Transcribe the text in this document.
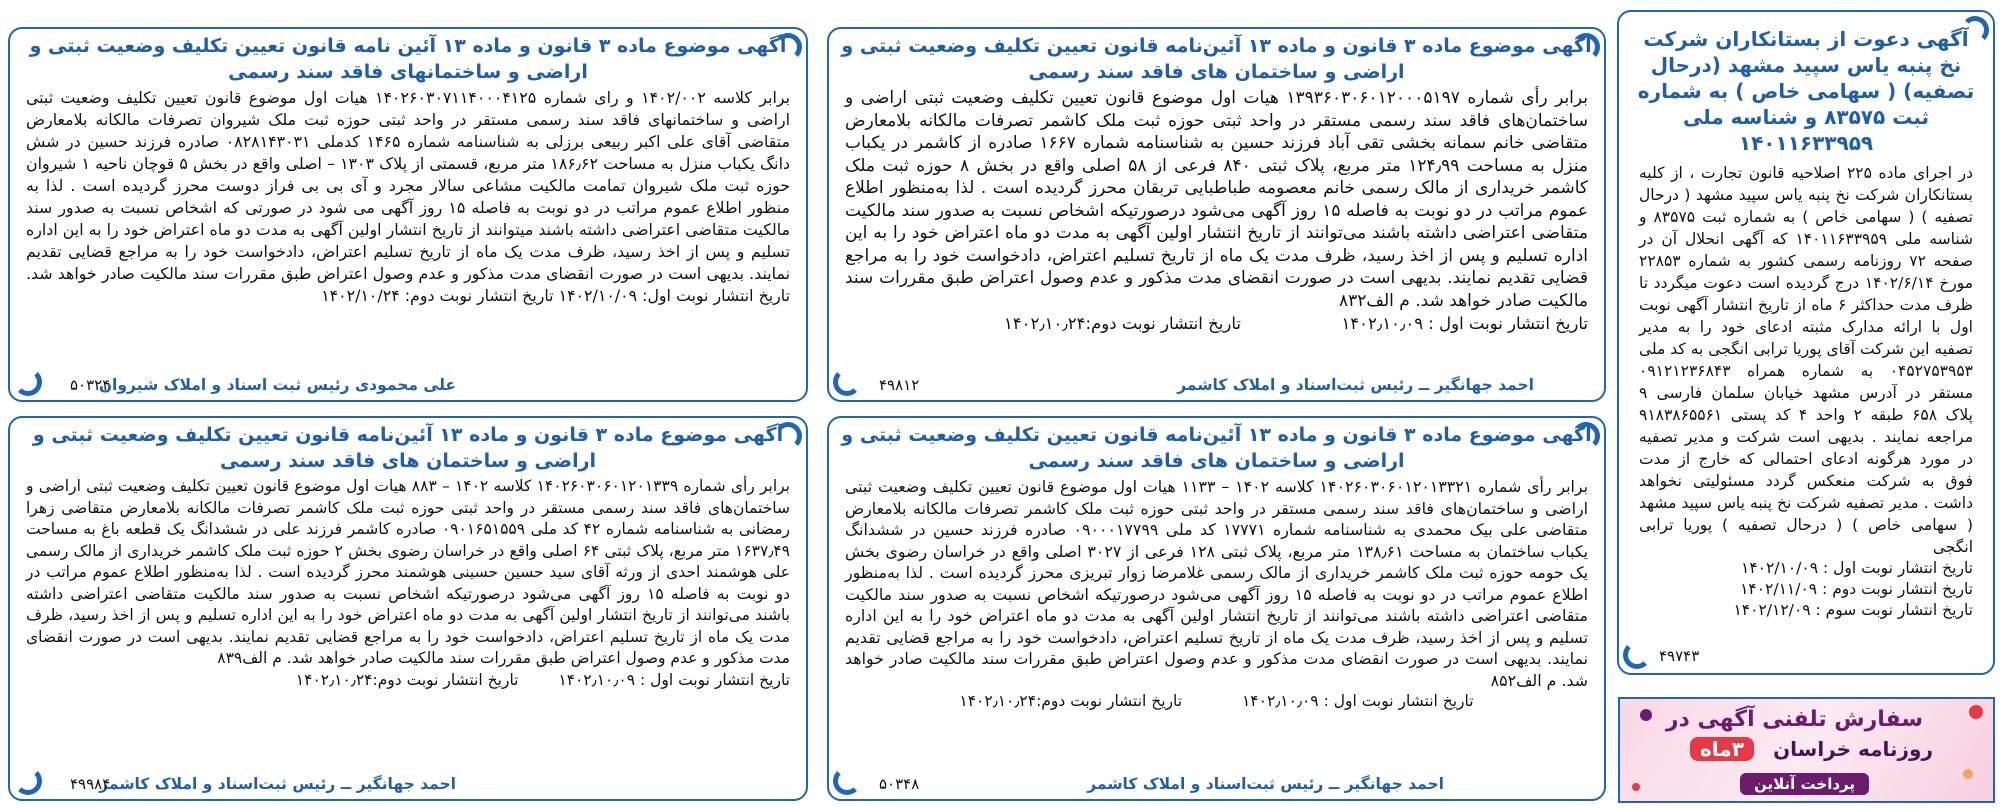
آگهی دعوت از بستانکاران شرکت نخ پنبه یاس سپید مشهد (درحال تصفیه) ( سهامی خاص ) به شماره ثبت ۸۳۵۷۵ و شناسه ملی ۱۴۰۱۱۶۳۳۹۵۹
در اجرای ماده ۲۲۵ اصلاحیه قانون تجارت ، از کلیه بستانکاران شرکت نخ پنبه یاس سپید مشهد ( درحال تصفیه ) ( سهامی خاص ) به شماره ثبت ۸۳۵۷۵ و شناسه ملی ۱۴۰۱۱۶۳۳۹۵۹ که آگهی انحلال آن در صفحه ۷۲ روزنامه رسمی کشور به شماره ۲۲۸۵۳ مورخ ۱۴۰۲/۶/۱۴ درج گردیده است دعوت میگردد تا ظرف مدت حداکثر ۶ ماه از تاریخ انتشار آگهی نوبت اول با ارائه مدارک مثبته ادعای خود را به مدیر تصفیه این شرکت آقای پوریا ترابی انگجی به کد ملی ۰۴۵۲۷۵۳۹۵۳ به شماره همراه ۰۹۱۲۱۲۳۶۸۴۳ مستقر در آدرس مشهد خیابان سلمان فارسی ۹ پلاک ۶۵۸ طبقه ۲ واحد ۴ کد پستی ۹۱۸۳۸۶۵۵۶۱ مراجعه نمایند . بدیهی است شرکت و مدیر تصفیه در مورد هرگونه ادعای احتمالی که خارج از مدت فوق به شرکت منعکس گردد مسئولیتی نخواهد داشت . مدیر تصفیه شرکت نخ پنبه یاس سپید مشهد ( سهامی خاص ) ( درحال تصفیه ) پوریا ترابی انگجی
تاریخ انتشار نوبت اول : ۱۴۰۲/۱۰/۰۹
تاریخ انتشار نوبت دوم : ۱۴۰۲/۱۱/۰۹
تاریخ انتشار نوبت سوم : ۱۴۰۲/۱۲/۰۹
۴۹۷۴۳
سفارش تلفنی آگهی در
روزنامه خراسان
۳ماه
پرداخت آنلاین
آگهی موضوع ماده ۳ قانون و ماده ۱۳ آئین‌نامه قانون تعیین تکلیف وضعیت ثبتی و اراضی و ساختمان های فاقد سند رسمی
برابر رأی شماره ۱۳۹۳۶۰۳۰۶۰۱۲۰۰۰۵۱۹۷ هیات اول موضوع قانون تعیین تکلیف وضعیت ثبتی اراضی و ساختمان‌های فاقد سند رسمی مستقر در واحد ثبتی حوزه ثبت ملک کاشمر تصرفات مالکانه بلامعارض متقاضی خانم سمانه بخشی تقی آباد فرزند حسین به شناسنامه شماره ۱۶۶۷ صادره از کاشمر در یکباب منزل به مساحت ۱۲۴٫۹۹ متر مربع، پلاک ثبتی ۸۴۰ فرعی از ۵۸ اصلی واقع در بخش ۸ حوزه ثبت ملک کاشمر خریداری از مالک رسمی خانم معصومه طباطبایی تربقان محرز گردیده است . لذا به‌منظور اطلاع عموم مراتب در دو نوبت به فاصله ۱۵ روز آگهی می‌شود درصورتیکه اشخاص نسبت به صدور سند مالکیت متقاضی اعتراضی داشته باشند می‌توانند از تاریخ انتشار اولین آگهی به مدت دو ماه اعتراض خود را به این اداره تسلیم و پس از اخذ رسید، ظرف مدت یک ماه از تاریخ تسلیم اعتراض، دادخواست خود را به مراجع قضایی تقدیم نمایند. بدیهی است در صورت انقضای مدت مذکور و عدم وصول اعتراض طبق مقررات سند مالکیت صادر خواهد شد. م الف۸۳۲
تاریخ انتشار نوبت اول : ۱۴۰۲٫۱۰٫۰۹  تاریخ انتشار نوبت دوم:۱۴۰۲٫۱۰٫۲۴
احمد جهانگیر ــ رئیس ثبت‌اسناد و املاک کاشمر
۴۹۸۱۲
آگهی موضوع ماده ۳ قانون و ماده ۱۳ آئین‌نامه قانون تعیین تکلیف وضعیت ثبتی و اراضی و ساختمان های فاقد سند رسمی
برابر رأی شماره ۱۴۰۲۶۰۳۰۶۰۱۲۰۱۳۳۲۱ کلاسه ۱۴۰۲ – ۱۱۳۳ هیات اول موضوع قانون تعیین تکلیف وضعیت ثبتی اراضی و ساختمان‌های فاقد سند رسمی مستقر در واحد ثبتی حوزه ثبت ملک کاشمر تصرفات مالکانه بلامعارض متقاضی علی بیک محمدی به شناسنامه شماره ۱۷۷۷۱ کد ملی ۰۹۰۰۰۱۷۷۹۹ صادره فرزند حسین در ششدانگ یکباب ساختمان به مساحت ۱۳۸٫۶۱ متر مربع، پلاک ثبتی ۱۲۸ فرعی از ۳۰۲۷ اصلی واقع در خراسان رضوی بخش یک حومه حوزه ثبت ملک کاشمر خریداری از مالک رسمی غلامرضا زوار تبریزی محرز گردیده است . لذا به‌منظور اطلاع عموم مراتب در دو نوبت به فاصله ۱۵ روز آگهی می‌شود درصورتیکه اشخاص نسبت به صدور سند مالکیت متقاضی اعتراضی داشته باشند می‌توانند از تاریخ انتشار اولین آگهی به مدت دو ماه اعتراض خود را به این اداره تسلیم و پس از اخذ رسید، ظرف مدت یک ماه از تاریخ تسلیم اعتراض، دادخواست خود را به مراجع قضایی تقدیم نمایند. بدیهی است در صورت انقضای مدت مذکور و عدم وصول اعتراض طبق مقررات سند مالکیت صادر خواهد شد. م الف۸۵۲
تاریخ انتشار نوبت اول : ۱۴۰۲٫۱۰٫۰۹  تاریخ انتشار نوبت دوم:۱۴۰۲٫۱۰٫۲۴
احمد جهانگیر ــ رئیس ثبت‌اسناد و املاک کاشمر
۵۰۳۴۸
آگهی موضوع ماده ۳ قانون و ماده ۱۳ آئین نامه قانون تعیین تکلیف وضعیت ثبتی و اراضی و ساختمانهای فاقد سند رسمی
برابر کلاسه ۱۴۰۲/۰۰۲ و رای شماره ۱۴۰۲۶۰۳۰۷۱۱۴۰۰۰۴۱۲۵ هیات اول موضوع قانون تعیین تکلیف وضعیت ثبتی اراضی و ساختمانهای فاقد سند رسمی مستقر در واحد ثبتی حوزه ثبت ملک شیروان تصرفات مالکانه بلامعارض متقاضی آقای علی اکبر ربیعی برزلی به شناسنامه شماره ۱۴۶۵ کدملی ۰۸۲۸۱۴۳۰۳۱ صادره فرزند حسین در شش دانگ یکباب منزل به مساحت ۱۸۶٫۶۲ متر مربع، قسمتی از پلاک ۱۳۰۳ – اصلی واقع در بخش ۵ قوچان ناحیه ۱ شیروان حوزه ثبت ملک شیروان تمامت مالکیت مشاعی سالار مجرد و آی بی بی فراز دوست محرز گردیده است . لذا به منظور اطلاع عموم مراتب در دو نوبت به فاصله ۱۵ روز آگهی می شود در صورتی که اشخاص نسبت به صدور سند مالکیت متقاضی اعتراضی داشته باشند میتوانند از تاریخ انتشار اولین آگهی به مدت دو ماه اعتراض خود را به این اداره تسلیم و پس از اخذ رسید، ظرف مدت یک ماه از تاریخ تسلیم اعتراض، دادخواست خود را به مراجع قضایی تقدیم نمایند. بدیهی است در صورت انقضای مدت مذکور و عدم وصول اعتراض طبق مقررات سند مالکیت صادر خواهد شد. تاریخ انتشار نوبت اول: ۱۴۰۲/۱۰/۰۹ تاریخ انتشار نوبت دوم: ۱۴۰۲/۱۰/۲۴
علی محمودی رئیس ثبت اسناد و املاک شیروان
۵۰۳۲۴
آگهی موضوع ماده ۳ قانون و ماده ۱۳ آئین‌نامه قانون تعیین تکلیف وضعیت ثبتی و اراضی و ساختمان های فاقد سند رسمی
برابر رأی شماره ۱۴۰۲۶۰۳۰۶۰۱۲۰۱۳۳۹ کلاسه ۱۴۰۲ – ۸۸۳ هیات اول موضوع قانون تعیین تکلیف وضعیت ثبتی اراضی و ساختمان‌های فاقد سند رسمی مستقر در واحد ثبتی حوزه ثبت ملک کاشمر تصرفات مالکانه بلامعارض متقاضی زهرا رمضانی به شناسنامه شماره ۴۲ کد ملی ۰۹۰۱۶۵۱۵۵۹ صادره کاشمر فرزند علی در ششدانگ یک قطعه باغ به مساحت ۱۶۳۷٫۴۹ متر مربع، پلاک ثبتی ۶۴ اصلی واقع در خراسان رضوی بخش ۲ حوزه ثبت ملک کاشمر خریداری از مالک رسمی علی هوشمند احدی از ورثه آقای سید حسین حسینی هوشمند محرز گردیده است . لذا به‌منظور اطلاع عموم مراتب در دو نوبت به فاصله ۱۵ روز آگهی می‌شود درصورتیکه اشخاص نسبت به صدور سند مالکیت متقاضی اعتراضی داشته باشند می‌توانند از تاریخ انتشار اولین آگهی به مدت دو ماه اعتراض خود را به این اداره تسلیم و پس از اخذ رسید، ظرف مدت یک ماه از تاریخ تسلیم اعتراض، دادخواست خود را به مراجع قضایی تقدیم نمایند. بدیهی است در صورت انقضای مدت مذکور و عدم وصول اعتراض طبق مقررات سند مالکیت صادر خواهد شد. م الف۸۳۹
تاریخ انتشار نوبت اول : ۱۴۰۲٫۱۰٫۰۹  تاریخ انتشار نوبت دوم:۱۴۰۲٫۱۰٫۲۴
احمد جهانگیر ــ رئیس ثبت‌اسناد و املاک کاشمر
۴۹۹۸۴
